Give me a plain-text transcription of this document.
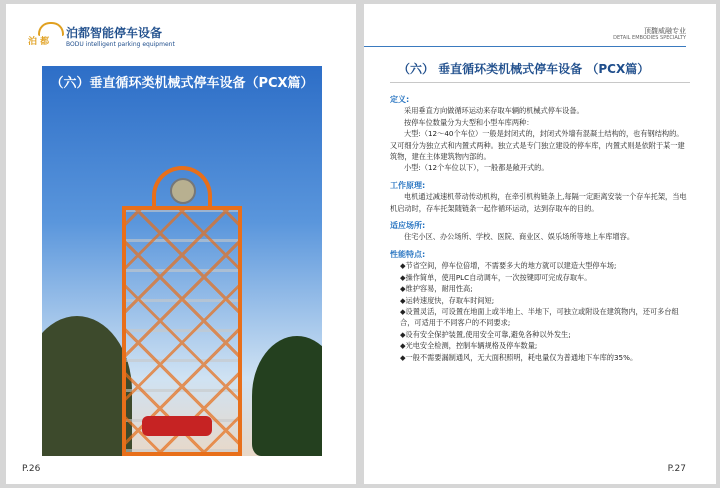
泊 都
泊都智能停车设备
BODU intelligent parking equipment
（六）垂直循环类机械式停车设备（PCX篇）
P.26
顶馥威融专业
DETAIL EMBODIES SPECIALTY
（六） 垂直循环类机械式停车设备 （PCX篇）
定义:

采用垂直方向做循环运动来存取车辆的机械式停车设备。

按停车位数量分为大型和小型车库两种：

大型:（12～40个车位）一般是封闭式的，封闭式外墙有混凝土结构的，也有钢结构的。又可细分为独立式和内置式两种。独立式是专门独立建设的停车库，内置式则是依附于某一建筑物，建在主体建筑物内部的。

小型:（12个车位以下），一般都是敞开式的。

工作原理:

电机通过减速机带动传动机构，在牵引机构链条上,每隔一定距离安装一个存车托架，当电机启动时，存车托架随链条一起作循环运动，达到存取车的目的。

适应场所:

住宅小区、办公场所、学校、医院、商业区、娱乐场所等地上车库增容。

性能特点:

◆节省空间，停车位倍增，不需要多大的地方就可以建造大型停车场;

◆操作简单，使用PLC自动调车，一次按键即可完成存取车。

◆维护容易，耐用性高;

◆运转速度快，存取车时间短;

◆设置灵活，可设置在地面上或半地上、半地下，可独立或附设在建筑物内，还可多台组合，可适用于不同客户的不同要求;

◆设有安全保护装置,使用安全可靠,避免各种以外发生;

◆光电安全检测，控制车辆规格及停车数量;

◆一般不需要漏制通风，无大面积照明，耗电量仅为普通地下车库的35%。

P.27
